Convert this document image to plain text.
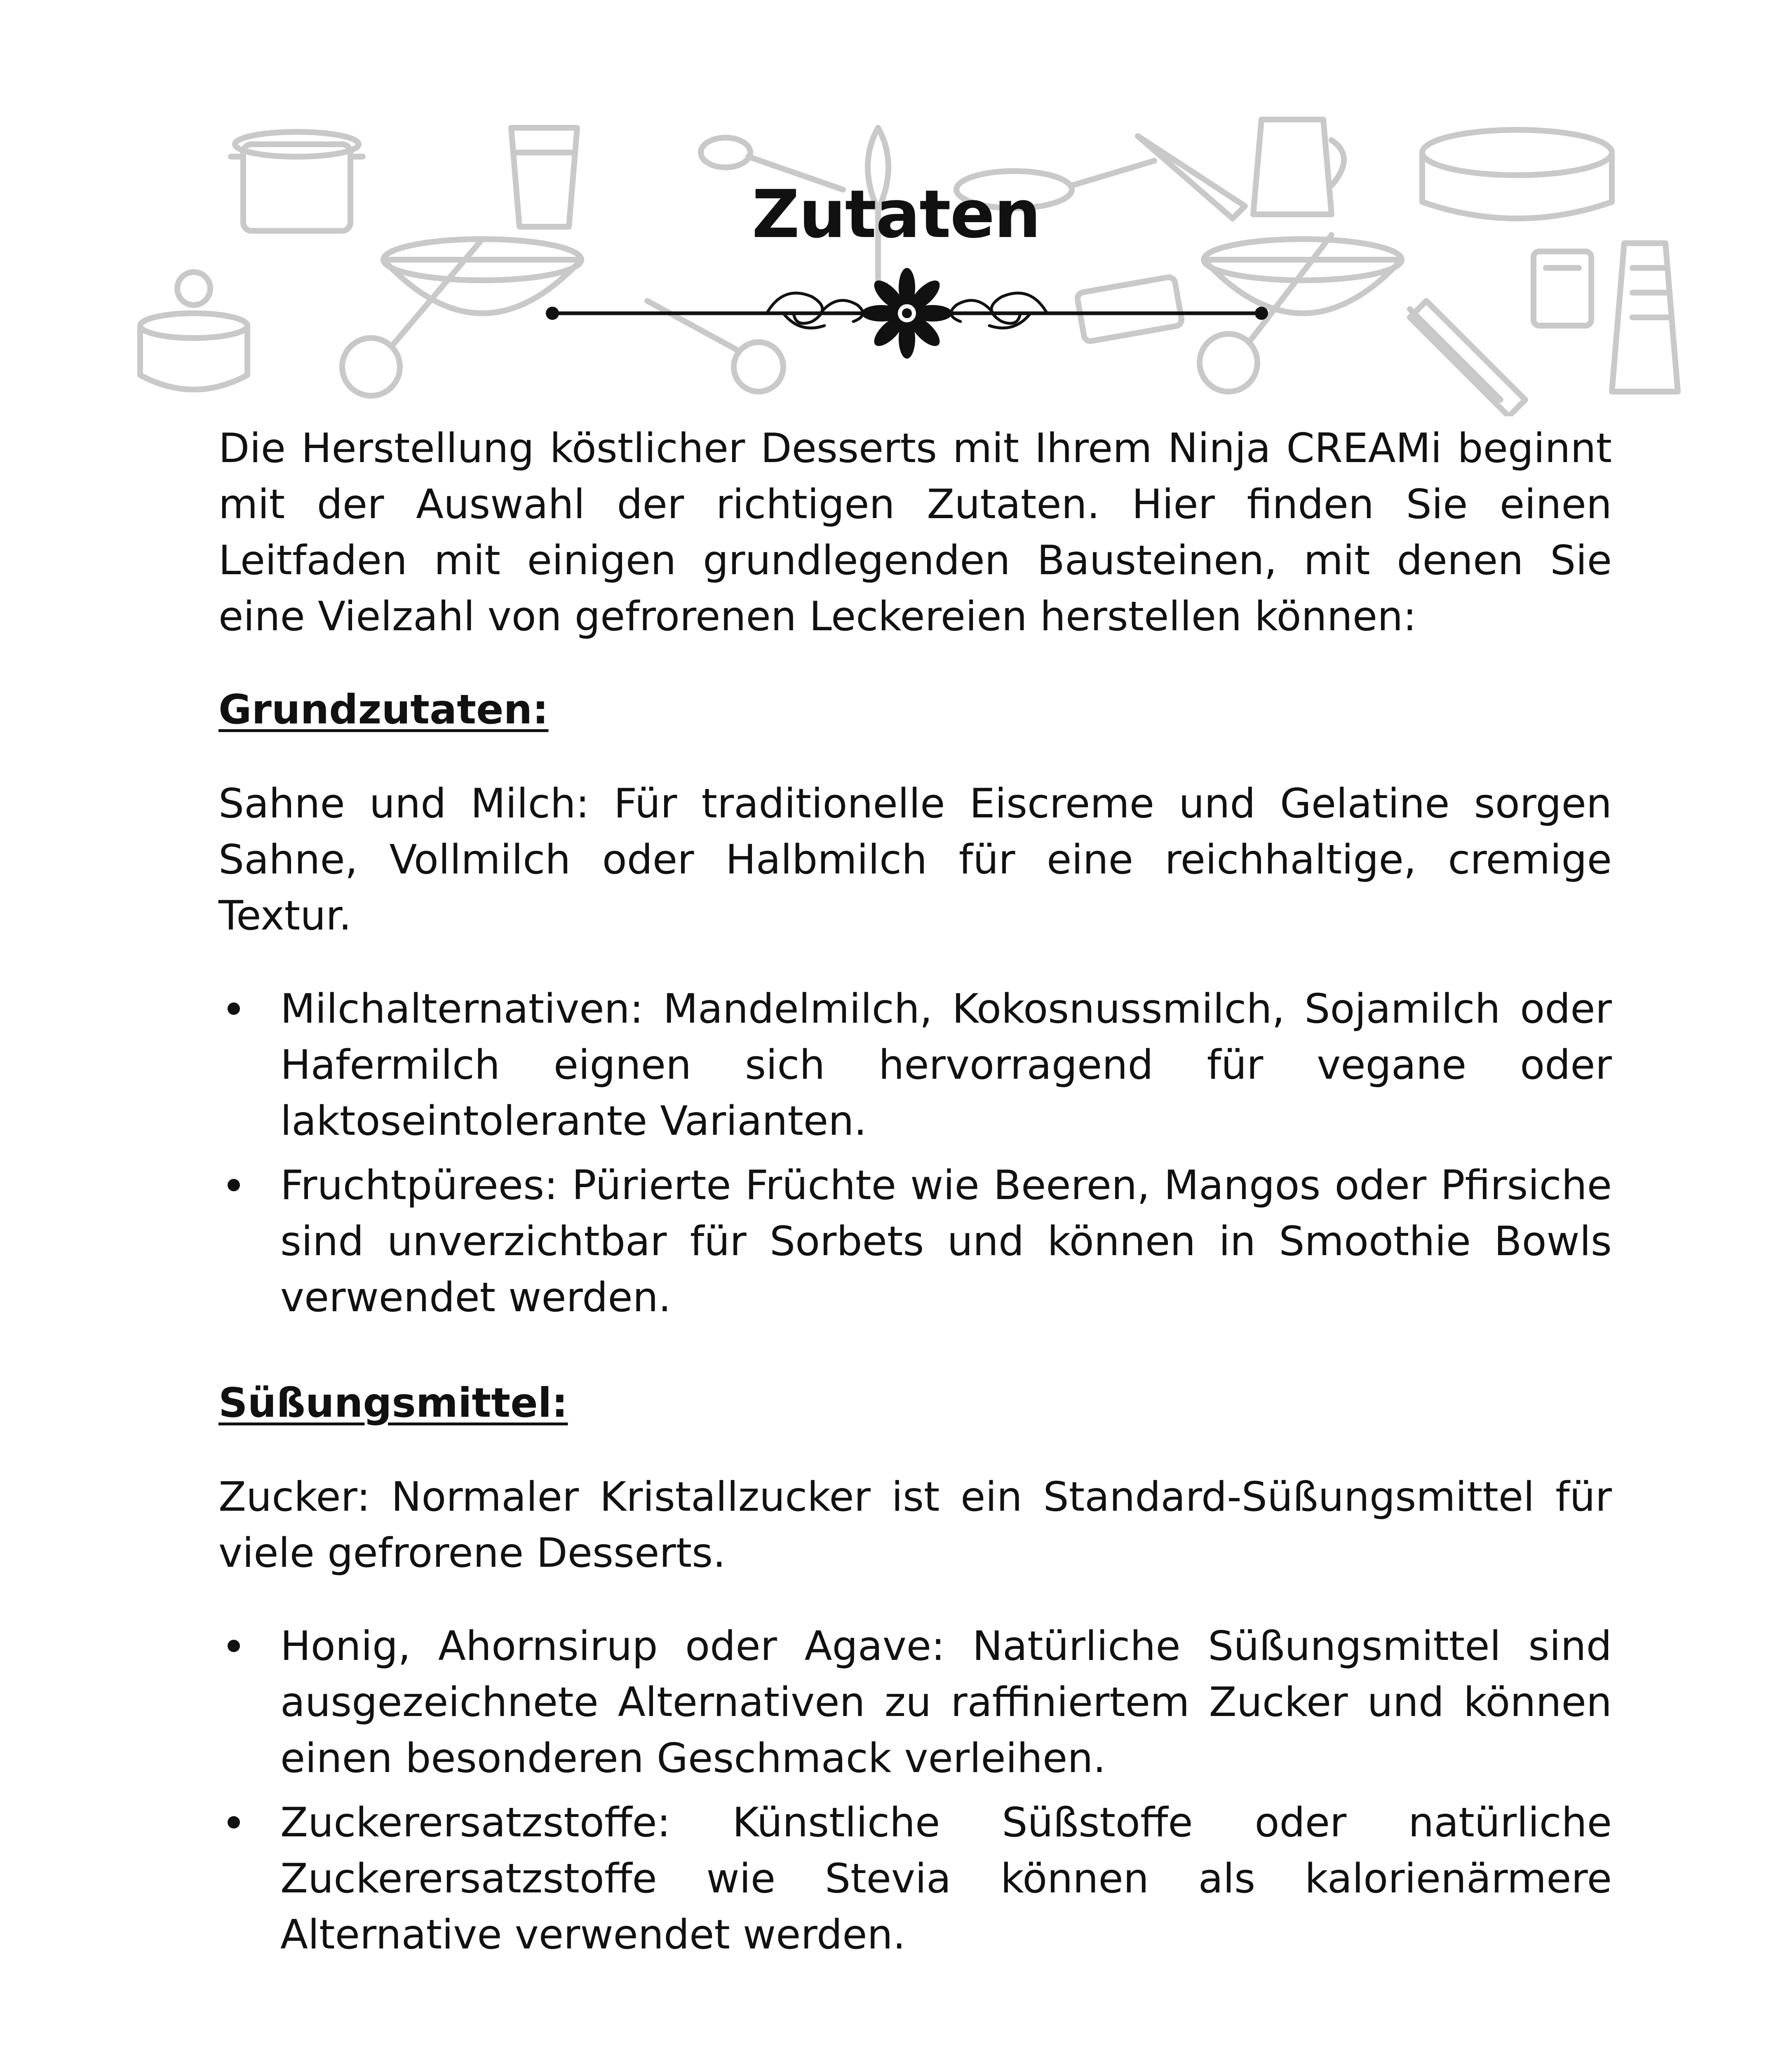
Zutaten

Die Herstellung köstlicher Desserts mit Ihrem Ninja CREAMi beginnt mit der Auswahl der richtigen Zutaten. Hier finden Sie einen Leitfaden mit einigen grundlegenden Bausteinen, mit denen Sie eine Vielzahl von gefrorenen Leckereien herstellen können:

Grundzutaten:

Sahne und Milch: Für traditionelle Eiscreme und Gelatine sorgen Sahne, Vollmilch oder Halbmilch für eine reichhaltige, cremige Textur.

Milchalternativen: Mandelmilch, Kokosnussmilch, Sojamilch oder Hafermilch eignen sich hervorragend für vegane oder laktoseintolerante Varianten.
Fruchtpürees: Pürierte Früchte wie Beeren, Mangos oder Pfirsiche sind unverzichtbar für Sorbets und können in Smoothie Bowls verwendet werden.
Süßungsmittel:

Zucker: Normaler Kristallzucker ist ein Standard-Süßungsmittel für viele gefrorene Desserts.

Honig, Ahornsirup oder Agave: Natürliche Süßungsmittel sind ausgezeichnete Alternativen zu raffiniertem Zucker und können einen besonderen Geschmack verleihen.
Zuckerersatzstoffe: Künstliche Süßstoffe oder natürliche Zuckerersatzstoffe wie Stevia können als kalorienärmere Alternative verwendet werden.
